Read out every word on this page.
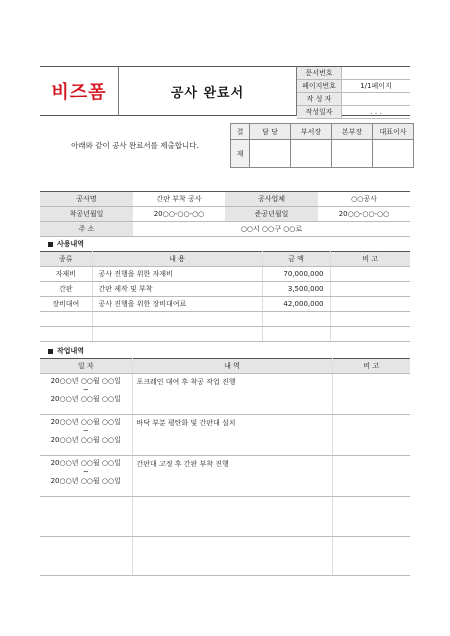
비즈폼	공사 완료서
문서번호	
페이지번호	1/1페이지
작 성 자	
작성일자	. . .
아래와 같이 공사 완료서를 제출합니다.
결	담 당	부서장	본부장	대표이사
재				
공사명	간판 부착 공사	공사업체	○○공사
착공년월일	20○○-○○-○○	준공년월일	20○○-○○-○○
주 소	○○시 ○○구 ○○로		
사용내역
종류	내 용	금 액	비 고
자재비	공사 진행을 위한 자재비	70,000,000	
간판	간판 제작 및 부착	3,500,000	
장비대여	공사 진행을 위한 장비대여료	42,000,000	

작업내역
일 자	내 역	비 고

20○○년 ○○월 ○○일
~
20○○년 ○○월 ○○일	포크레인 대여 후 착공 작업 진행	

20○○년 ○○월 ○○일
~
20○○년 ○○월 ○○일	바닥 부분 평탄화 및 간판대 설치	

20○○년 ○○월 ○○일
~
20○○년 ○○월 ○○일	간판대 고정 후 간판 부착 진행	
